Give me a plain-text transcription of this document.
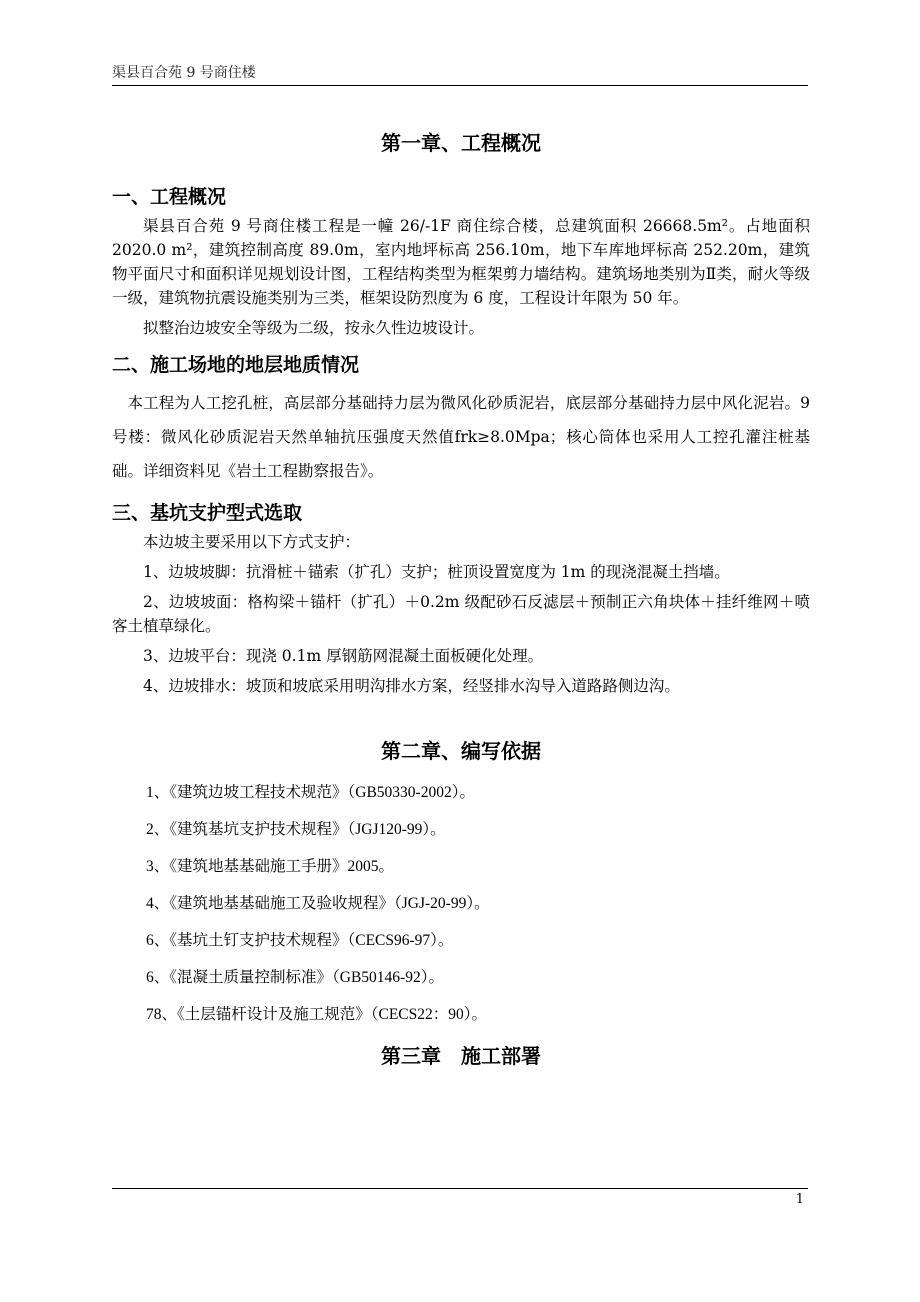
渠县百合苑 9 号商住楼
第一章、工程概况
一、工程概况

渠县百合苑 9 号商住楼工程是一幢 26/-1F 商住综合楼，总建筑面积 26668.5m²。占地面积 2020.0 m²，建筑控制高度 89.0m，室内地坪标高 256.10m，地下车库地坪标高 252.20m，建筑物平面尺寸和面积详见规划设计图，工程结构类型为框架剪力墙结构。建筑场地类别为Ⅱ类，耐火等级一级，建筑物抗震设施类别为三类，框架设防烈度为 6 度，工程设计年限为 50 年。

拟整治边坡安全等级为二级，按永久性边坡设计。

二、施工场地的地层地质情况

本工程为人工挖孔桩，高层部分基础持力层为微风化砂质泥岩，底层部分基础持力层中风化泥岩。9号楼：微风化砂质泥岩天然单轴抗压强度天然值frk≥8.0Mpa；核心筒体也采用人工控孔灌注桩基础。详细资料见《岩土工程勘察报告》。

三、基坑支护型式选取

本边坡主要采用以下方式支护：

1、边坡坡脚：抗滑桩＋锚索（扩孔）支护；桩顶设置宽度为 1m 的现浇混凝土挡墙。

2、边坡坡面：格构梁＋锚杆（扩孔）＋0.2m 级配砂石反滤层＋预制正六角块体＋挂纤维网＋喷客土植草绿化。

3、边坡平台：现浇 0.1m 厚钢筋网混凝土面板硬化处理。

4、边坡排水：坡顶和坡底采用明沟排水方案，经竖排水沟导入道路路侧边沟。

第二章、编写依据
1、《建筑边坡工程技术规范》（GB50330-2002）。
2、《建筑基坑支护技术规程》（JGJ120-99）。
3、《建筑地基基础施工手册》2005。
4、《建筑地基基础施工及验收规程》（JGJ-20-99）。
6、《基坑土钉支护技术规程》（CECS96-97）。
6、《混凝土质量控制标准》（GB50146-92）。
78、《土层锚杆设计及施工规范》（CECS22：90）。
第三章　施工部署
1
